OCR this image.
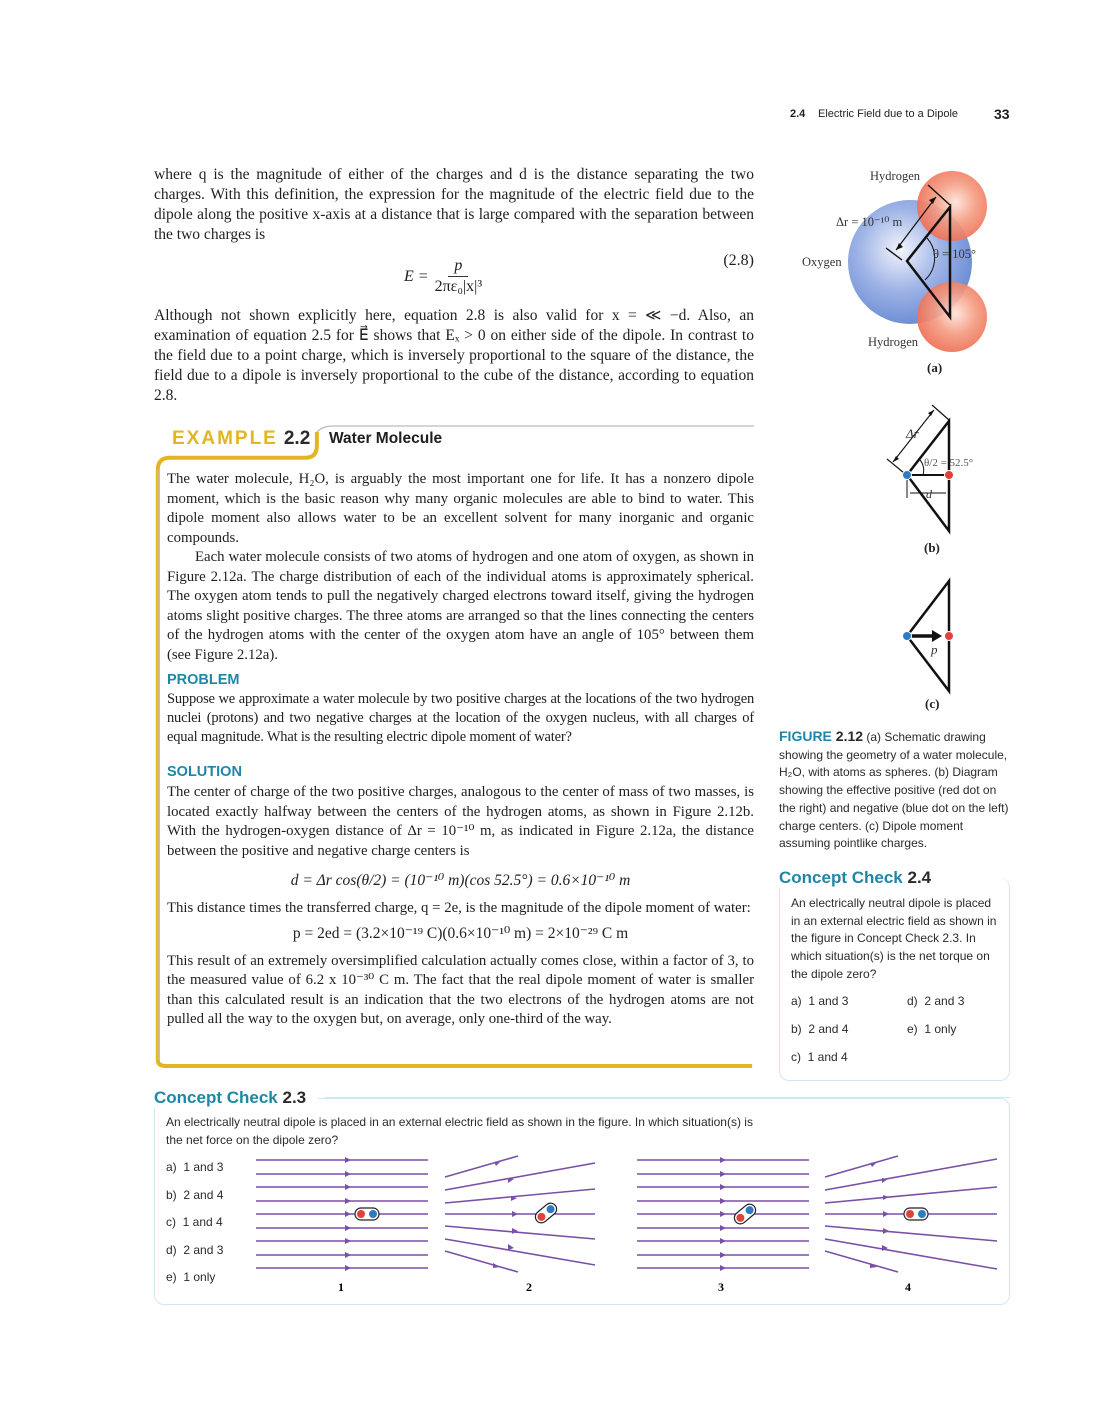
2.4 Electric Field due to a Dipole	33

where q is the magnitude of either of the charges and d is the distance separating the two charges. With this definition, the expression for the magnitude of the electric field due to the dipole along the positive x-axis at a distance that is large compared with the separation between the two charges is

$E = \frac{p}{\text{2πε₀|x|³}}$	(2.8)

Although not shown explicitly here, equation 2.8 is also valid for x = ≪ −d. Also, an examination of equation 2.5 for E⃗ shows that Eₓ > 0 on either side of the dipole. In contrast to the field due to a point charge, which is inversely proportional to the square of the distance, the field due to a dipole is inversely proportional to the cube of the distance, according to equation 2.8.

EXAMPLE 2.2 Water Molecule

The water molecule, H₂O, is arguably the most important one for life. It has a nonzero dipole moment, which is the basic reason why many organic molecules are able to bind to water. This dipole moment also allows water to be an excellent solvent for many inorganic and organic compounds.

Each water molecule consists of two atoms of hydrogen and one atom of oxygen, as shown in Figure 2.12a. The charge distribution of each of the individual atoms is approximately spherical. The oxygen atom tends to pull the negatively charged electrons toward itself, giving the hydrogen atoms slight positive charges. The three atoms are arranged so that the lines connecting the centers of the hydrogen atoms with the center of the oxygen atom have an angle of 105° between them (see Figure 2.12a).

PROBLEM

Suppose we approximate a water molecule by two positive charges at the locations of the two hydrogen nuclei (protons) and two negative charges at the location of the oxygen nucleus, with all charges of equal magnitude. What is the resulting electric dipole moment of water?

SOLUTION

The center of charge of the two positive charges, analogous to the center of mass of two masses, is located exactly halfway between the centers of the hydrogen atoms, as shown in Figure 2.12b. With the hydrogen-oxygen distance of Δr = 10⁻¹⁰ m, as indicated in Figure 2.12a, the distance between the positive and negative charge centers is

d = Δr cos(θ/2) = (10⁻¹⁰ m)(cos 52.5°) = 0.6×10⁻¹⁰ m

This distance times the transferred charge, q = 2e, is the magnitude of the dipole moment of water:

p = 2ed = (3.2×10⁻¹⁹ C)(0.6×10⁻¹⁰ m) = 2×10⁻²⁹ C m

This result of an extremely oversimplified calculation actually comes close, within a factor of 3, to the measured value of 6.2 x 10⁻³⁰ C m. The fact that the real dipole moment of water is smaller than this calculated result is an indication that the two electrons of the hydrogen atoms are not pulled all the way to the oxygen but, on average, only one-third of the way.

Hydrogen
Δr = 10⁻¹⁰ m
Oxygen
θ = 105°
Hydrogen
(a)
Δr
θ/2 = 52.5°
d
(b)
p⃗
(c)
FIGURE 2.12 (a) Schematic drawing showing the geometry of a water molecule, H₂O, with atoms as spheres. (b) Diagram showing the effective positive (red dot on the right) and negative (blue dot on the left) charge centers. (c) Dipole moment assuming pointlike charges.
Concept Check 2.4
An electrically neutral dipole is placed in an external electric field as shown in the figure in Concept Check 2.3. In which situation(s) is the net torque on the dipole zero?
a) 1 and 3
b) 2 and 4
c) 1 and 4
d) 2 and 3
e) 1 only
Concept Check 2.3
An electrically neutral dipole is placed in an external electric field as shown in the figure. In which situation(s) is the net force on the dipole zero?
a) 1 and 3
b) 2 and 4
c) 1 and 4
d) 2 and 3
e) 1 only
1	2	3	4
